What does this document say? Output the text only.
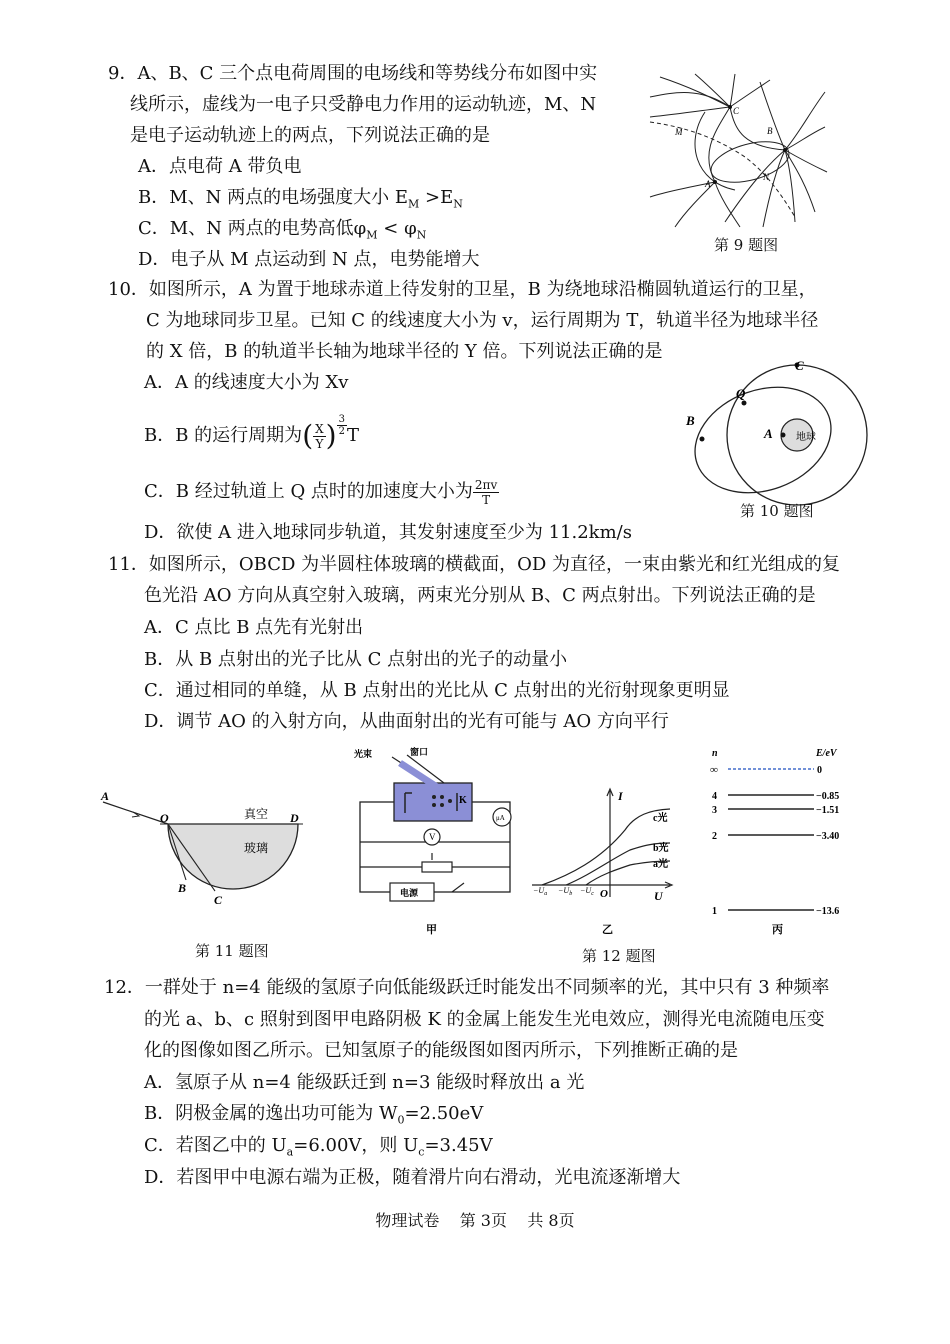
9．A、B、C 三个点电荷周围的电场线和等势线分布如图中实
线所示，虚线为一电子只受静电力作用的运动轨迹，M、N
是电子运动轨迹上的两点，下列说法正确的是
A．点电荷 A 带负电
B．M、N 两点的电场强度大小 $E_M >E_N$
C．M、N 两点的电势高低$\varphi_M < \varphi_N$
D．电子从 M 点运动到 N 点，电势能增大
C
B
M
A
N
第 9 题图
10．如图所示，A 为置于地球赤道上待发射的卫星，B 为绕地球沿椭圆轨道运行的卫星，
C 为地球同步卫星。已知 C 的线速度大小为 v，运行周期为 T，轨道半径为地球半径
的 X 倍，B 的轨道半长轴为地球半径的 Y 倍。下列说法正确的是
A．A 的线速度大小为 Xv
B．B 的运行周期为( $\frac{X}{Y}$ ) $\frac{3}{2}$ T
C．B 经过轨道上 Q 点时的加速度大小为 $\frac{2\pi v}{T}$
D．欲使 A 进入地球同步轨道，其发射速度至少为 11.2km/s
地球
A
Q
B
C
第 10 题图
11．如图所示，OBCD 为半圆柱体玻璃的横截面，OD 为直径，一束由紫光和红光组成的复
色光沿 AO 方向从真空射入玻璃，两束光分别从 B、C 两点射出。下列说法正确的是
A．C 点比 B 点先有光射出
B．从 B 点射出的光子比从 C 点射出的光子的动量小
C．通过相同的单缝，从 B 点射出的光比从 C 点射出的光衍射现象更明显
D．调节 AO 的入射方向，从曲面射出的光有可能与 AO 方向平行
A
O	D
B
C
真空
玻璃
第 11 题图
光束	窗口
K
μA
V
电源
甲
I
U
O
c光
b光
a光
$-U_a -U_b -U_c$
乙
n	E/eV
∞	0
4	−0.85
3	−1.51
2	−3.40
1	−13.6
丙
第 12 题图
12．一群处于 n=4 能级的氢原子向低能级跃迁时能发出不同频率的光，其中只有 3 种频率
的光 a、b、c 照射到图甲电路阴极 K 的金属上能发生光电效应，测得光电流随电压变
化的图像如图乙所示。已知氢原子的能级图如图丙所示，下列推断正确的是
A．氢原子从 n=4 能级跃迁到 n=3 能级时释放出 a 光
B．阴极金属的逸出功可能为 $W_0=2.50eV$
C．若图乙中的 $U_a=6.00V$，则 $U_c=3.45V$
D．若图甲中电源右端为正极，随着滑片向右滑动，光电流逐渐增大
物理试卷    第 3页    共 8页
